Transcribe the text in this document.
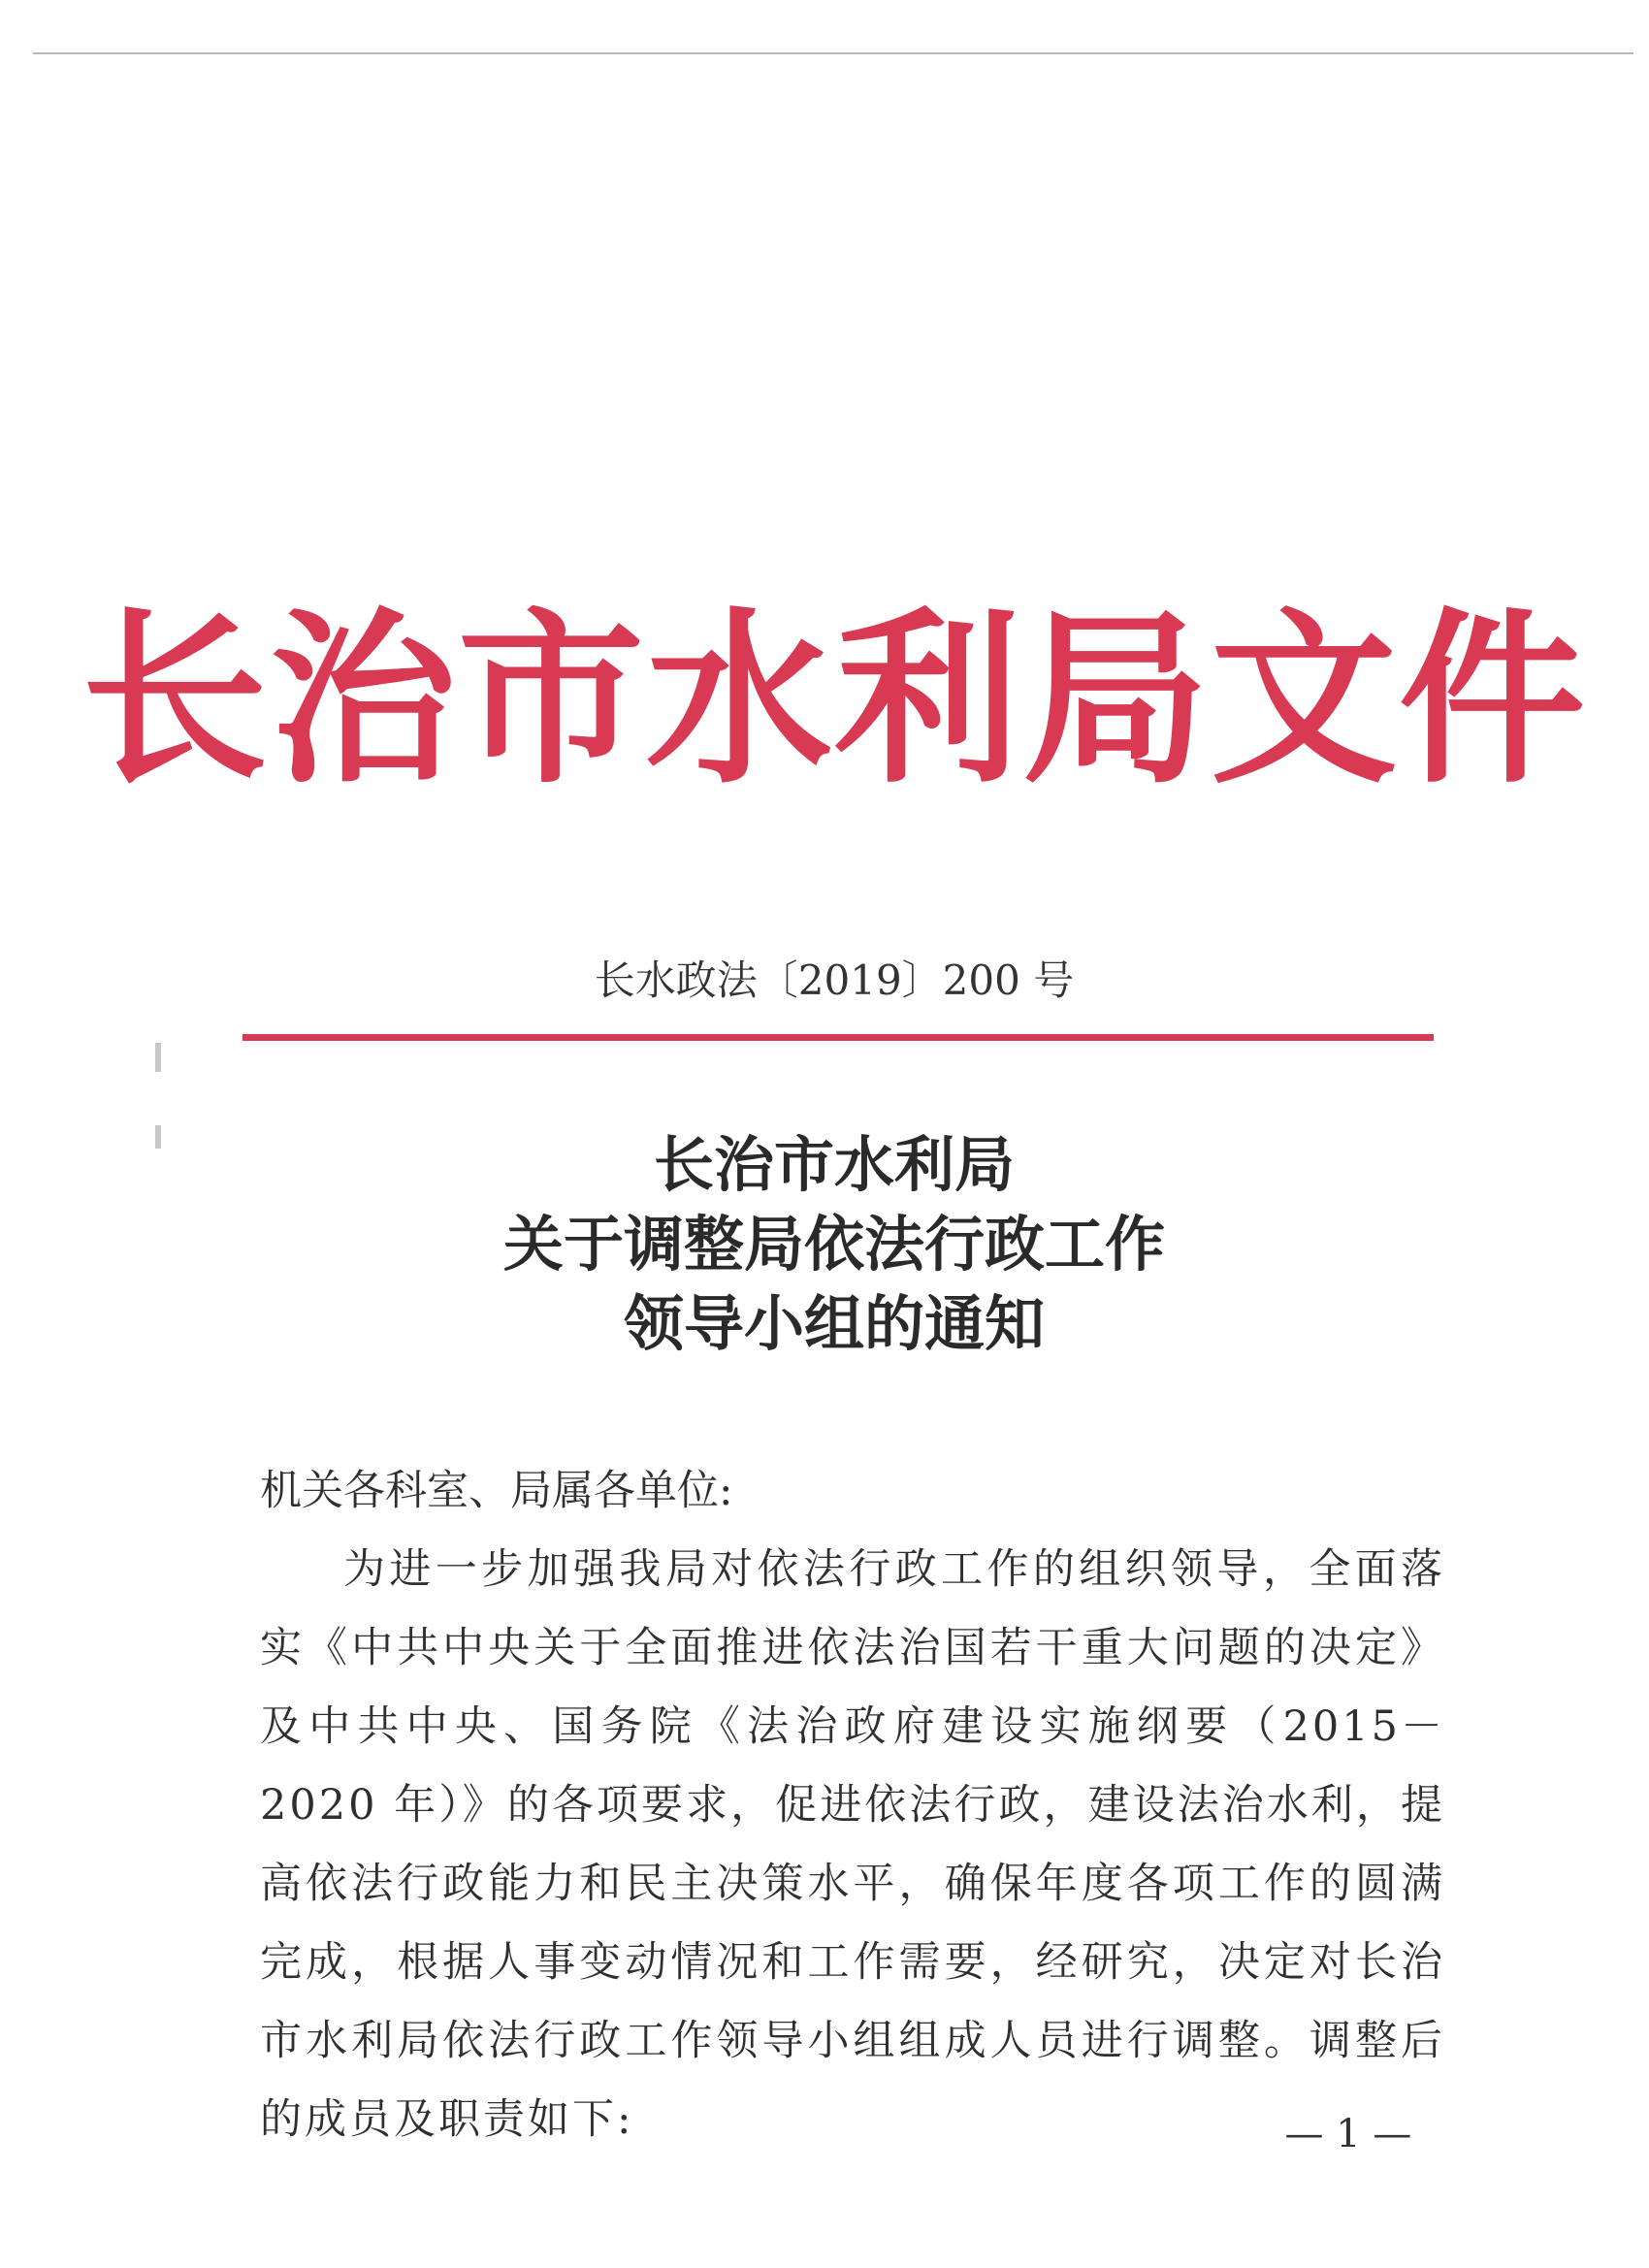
长治市水利局文件
长水政法〔2019〕200 号
长治市水利局
关于调整局依法行政工作
领导小组的通知
机关各科室、局属各单位:

为进一步加强我局对依法行政工作的组织领导，全面落实《中共中央关于全面推进依法治国若干重大问题的决定》及中共中央、国务院《法治政府建设实施纲要（2015－2020 年）》的各项要求，促进依法行政，建设法治水利，提高依法行政能力和民主决策水平，确保年度各项工作的圆满完成，根据人事变动情况和工作需要，经研究，决定对长治市水利局依法行政工作领导小组组成人员进行调整。调整后的成员及职责如下:	— 1 —
